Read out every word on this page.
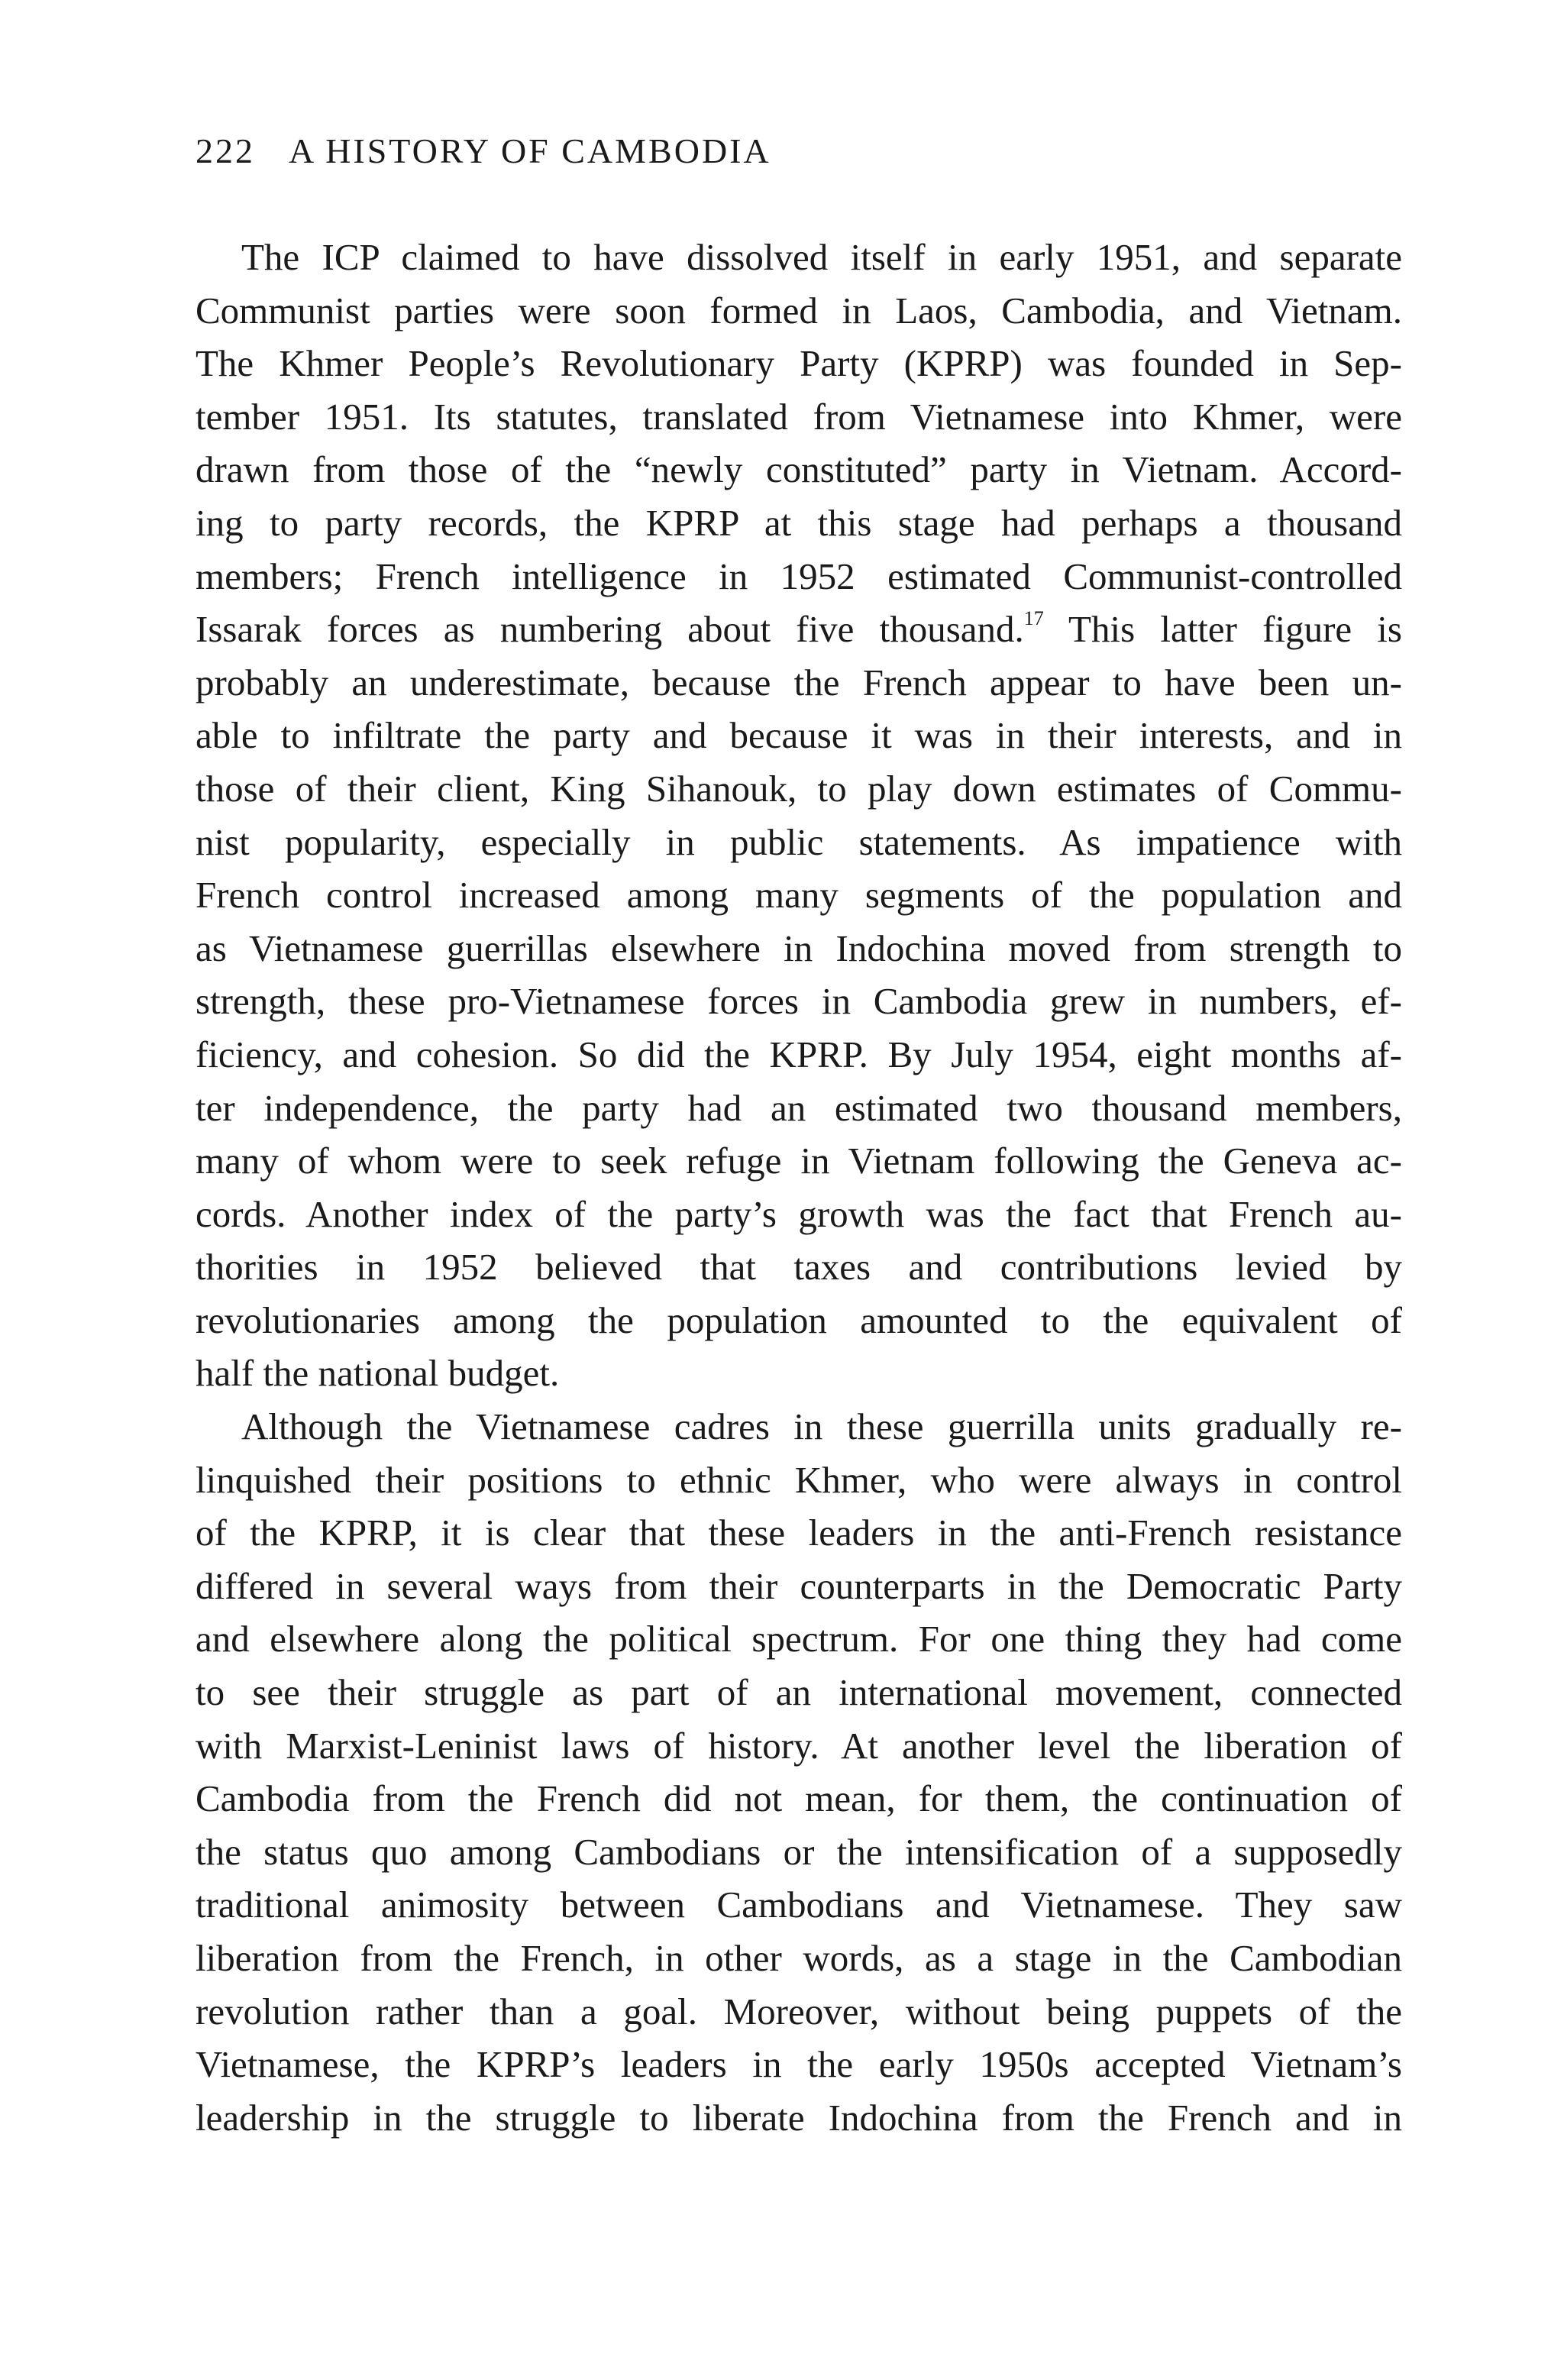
222 A HISTORY OF CAMBODIA
The ICP claimed to have dissolved itself in early 1951, and separate
Communist parties were soon formed in Laos, Cambodia, and Vietnam.
The Khmer People’s Revolutionary Party (KPRP) was founded in Sep-
tember 1951. Its statutes, translated from Vietnamese into Khmer, were
drawn from those of the “newly constituted” party in Vietnam. Accord-
ing to party records, the KPRP at this stage had perhaps a thousand
members; French intelligence in 1952 estimated Communist-controlled
Issarak forces as numbering about five thousand.$^{17}$ This latter figure is
probably an underestimate, because the French appear to have been un-
able to infiltrate the party and because it was in their interests, and in
those of their client, King Sihanouk, to play down estimates of Commu-
nist popularity, especially in public statements. As impatience with
French control increased among many segments of the population and
as Vietnamese guerrillas elsewhere in Indochina moved from strength to
strength, these pro-Vietnamese forces in Cambodia grew in numbers, ef-
ficiency, and cohesion. So did the KPRP. By July 1954, eight months af-
ter independence, the party had an estimated two thousand members,
many of whom were to seek refuge in Vietnam following the Geneva ac-
cords. Another index of the party’s growth was the fact that French au-
thorities in 1952 believed that taxes and contributions levied by
revolutionaries among the population amounted to the equivalent of
half the national budget.
Although the Vietnamese cadres in these guerrilla units gradually re-
linquished their positions to ethnic Khmer, who were always in control
of the KPRP, it is clear that these leaders in the anti-French resistance
differed in several ways from their counterparts in the Democratic Party
and elsewhere along the political spectrum. For one thing they had come
to see their struggle as part of an international movement, connected
with Marxist-Leninist laws of history. At another level the liberation of
Cambodia from the French did not mean, for them, the continuation of
the status quo among Cambodians or the intensification of a supposedly
traditional animosity between Cambodians and Vietnamese. They saw
liberation from the French, in other words, as a stage in the Cambodian
revolution rather than a goal. Moreover, without being puppets of the
Vietnamese, the KPRP’s leaders in the early 1950s accepted Vietnam’s
leadership in the struggle to liberate Indochina from the French and in
